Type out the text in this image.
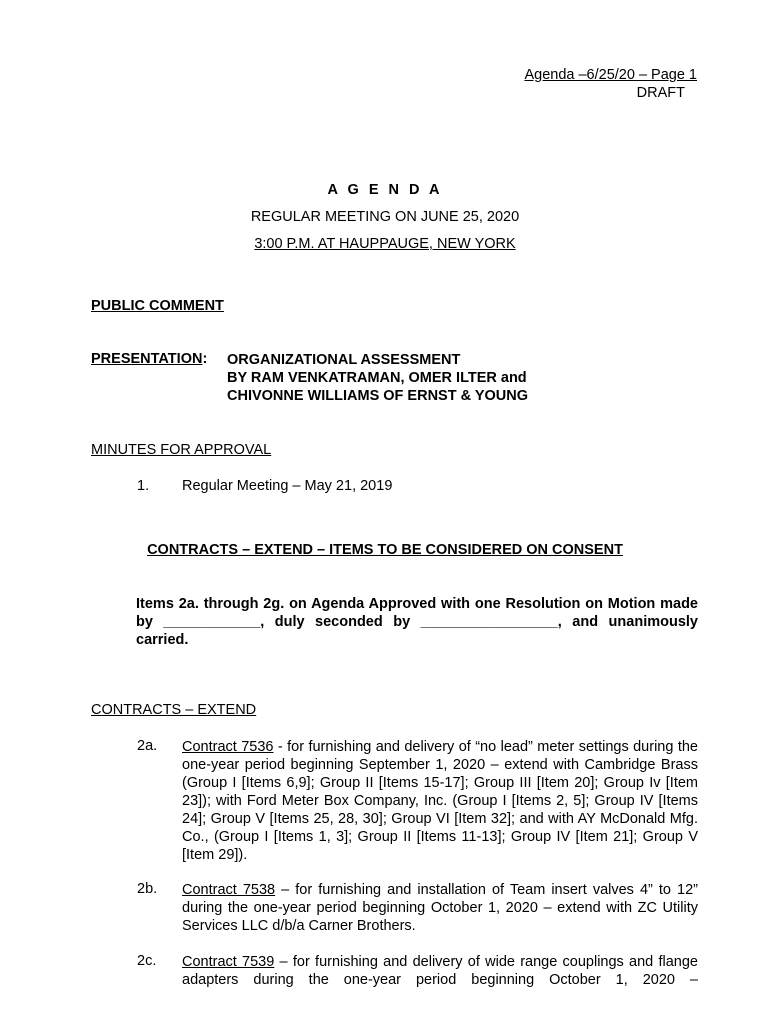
Agenda –6/25/20 – Page 1
DRAFT
A G E N D A
REGULAR MEETING ON JUNE 25, 2020
3:00 P.M. AT HAUPPAUGE, NEW YORK
PUBLIC COMMENT
PRESENTATION: ORGANIZATIONAL ASSESSMENT
BY RAM VENKATRAMAN, OMER ILTER and
CHIVONNE WILLIAMS OF ERNST & YOUNG
MINUTES FOR APPROVAL
1. Regular Meeting – May 21, 2019
CONTRACTS – EXTEND – ITEMS TO BE CONSIDERED ON CONSENT
Items 2a. through 2g. on Agenda Approved with one Resolution on Motion made by ____________, duly seconded by _________________, and unanimously carried.
CONTRACTS – EXTEND
2a. Contract 7536 - for furnishing and delivery of “no lead” meter settings during the one-year period beginning September 1, 2020 – extend with Cambridge Brass (Group I [Items 6,9]; Group II [Items 15-17]; Group III [Item 20]; Group Iv [Item 23]); with Ford Meter Box Company, Inc. (Group I [Items 2, 5]; Group IV [Items 24]; Group V [Items 25, 28, 30]; Group VI [Item 32]; and with AY McDonald Mfg. Co., (Group I [Items 1, 3]; Group II [Items 11-13]; Group IV [Item 21]; Group V [Item 29]).
2b. Contract 7538 – for furnishing and installation of Team insert valves 4” to 12” during the one-year period beginning October 1, 2020 – extend with ZC Utility Services LLC d/b/a Carner Brothers.
2c. Contract 7539 – for furnishing and delivery of wide range couplings and flange adapters during the one-year period beginning October 1, 2020 –
